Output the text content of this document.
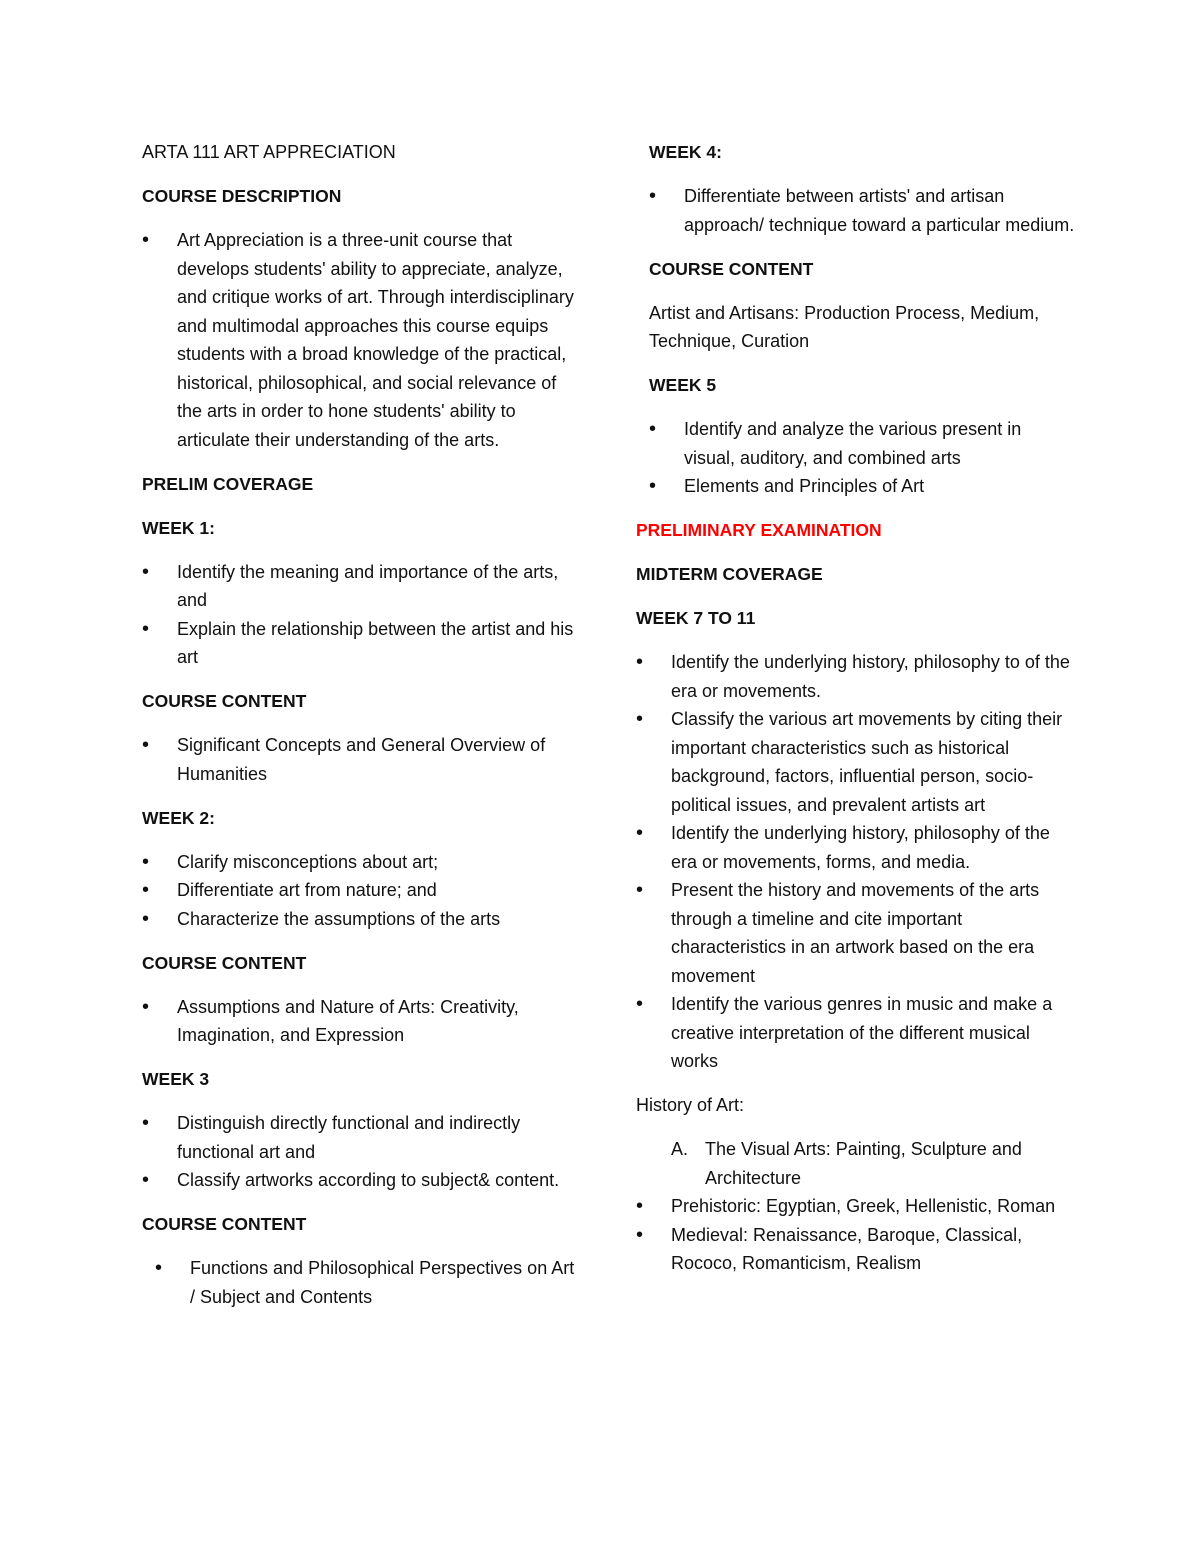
ARTA 111 ART APPRECIATION

COURSE DESCRIPTION

• Art Appreciation is a three-unit course that develops students' ability to appreciate, analyze, and critique works of art. Through interdisciplinary and multimodal approaches this course equips students with a broad knowledge of the practical, historical, philosophical, and social relevance of the arts in order to hone students' ability to articulate their understanding of the arts.

PRELIM COVERAGE

WEEK 1:

• Identify the meaning and importance of the arts, and
• Explain the relationship between the artist and his art

COURSE CONTENT

• Significant Concepts and General Overview of Humanities

WEEK 2:

• Clarify misconceptions about art;
• Differentiate art from nature; and
• Characterize the assumptions of the arts

COURSE CONTENT

• Assumptions and Nature of Arts: Creativity, Imagination, and Expression

WEEK 3

• Distinguish directly functional and indirectly functional art and
• Classify artworks according to subject& content.

COURSE CONTENT

• Functions and Philosophical Perspectives on Art / Subject and Contents

WEEK 4:

• Differentiate between artists' and artisan approach/ technique toward a particular medium.

COURSE CONTENT

Artist and Artisans: Production Process, Medium, Technique, Curation

WEEK 5

• Identify and analyze the various present in visual, auditory, and combined arts
• Elements and Principles of Art

PRELIMINARY EXAMINATION

MIDTERM COVERAGE

WEEK 7 TO 11

• Identify the underlying history, philosophy to of the era or movements.
• Classify the various art movements by citing their important characteristics such as historical background, factors, influential person, socio-political issues, and prevalent artists art
• Identify the underlying history, philosophy of the era or movements, forms, and media.
• Present the history and movements of the arts through a timeline and cite important characteristics in an artwork based on the era movement
• Identify the various genres in music and make a creative interpretation of the different musical works

History of Art:

A. The Visual Arts: Painting, Sculpture and Architecture
• Prehistoric: Egyptian, Greek, Hellenistic, Roman
• Medieval: Renaissance, Baroque, Classical, Rococo, Romanticism, Realism
